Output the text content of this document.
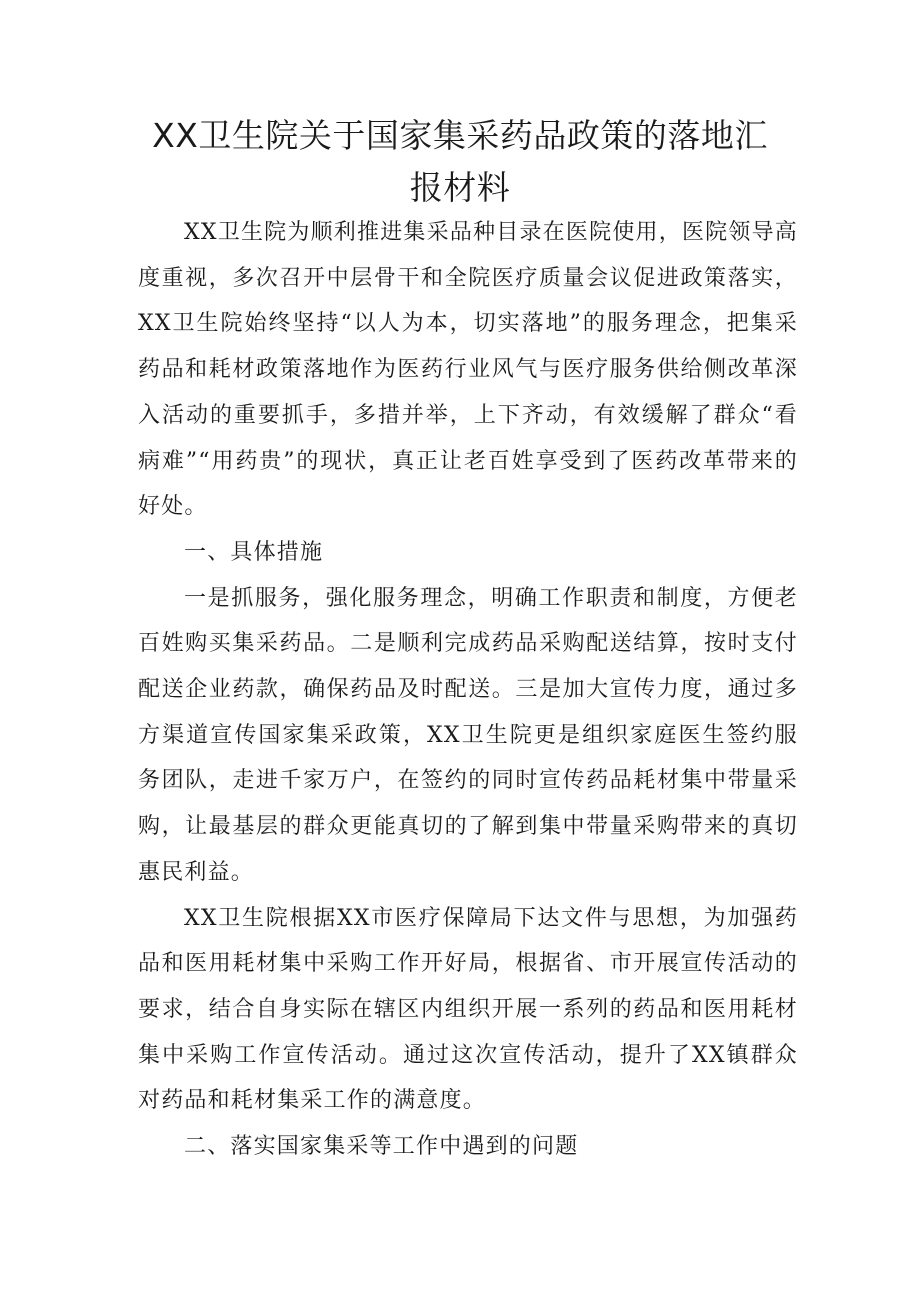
XX卫生院关于国家集采药品政策的落地汇
报材料

XX卫生院为顺利推进集采品种目录在医院使用，医院领导高度重视，多次召开中层骨干和全院医疗质量会议促进政策落实，XX卫生院始终坚持“以人为本，切实落地”的服务理念，把集采药品和耗材政策落地作为医药行业风气与医疗服务供给侧改革深入活动的重要抓手，多措并举，上下齐动，有效缓解了群众“看病难”“用药贵”的现状，真正让老百姓享受到了医药改革带来的好处。

一、具体措施

一是抓服务，强化服务理念，明确工作职责和制度，方便老百姓购买集采药品。二是顺利完成药品采购配送结算，按时支付配送企业药款，确保药品及时配送。三是加大宣传力度，通过多方渠道宣传国家集采政策，XX卫生院更是组织家庭医生签约服务团队，走进千家万户，在签约的同时宣传药品耗材集中带量采购，让最基层的群众更能真切的了解到集中带量采购带来的真切惠民利益。

XX卫生院根据XX市医疗保障局下达文件与思想，为加强药品和医用耗材集中采购工作开好局，根据省、市开展宣传活动的要求，结合自身实际在辖区内组织开展一系列的药品和医用耗材集中采购工作宣传活动。通过这次宣传活动，提升了XX镇群众对药品和耗材集采工作的满意度。

二、落实国家集采等工作中遇到的问题
